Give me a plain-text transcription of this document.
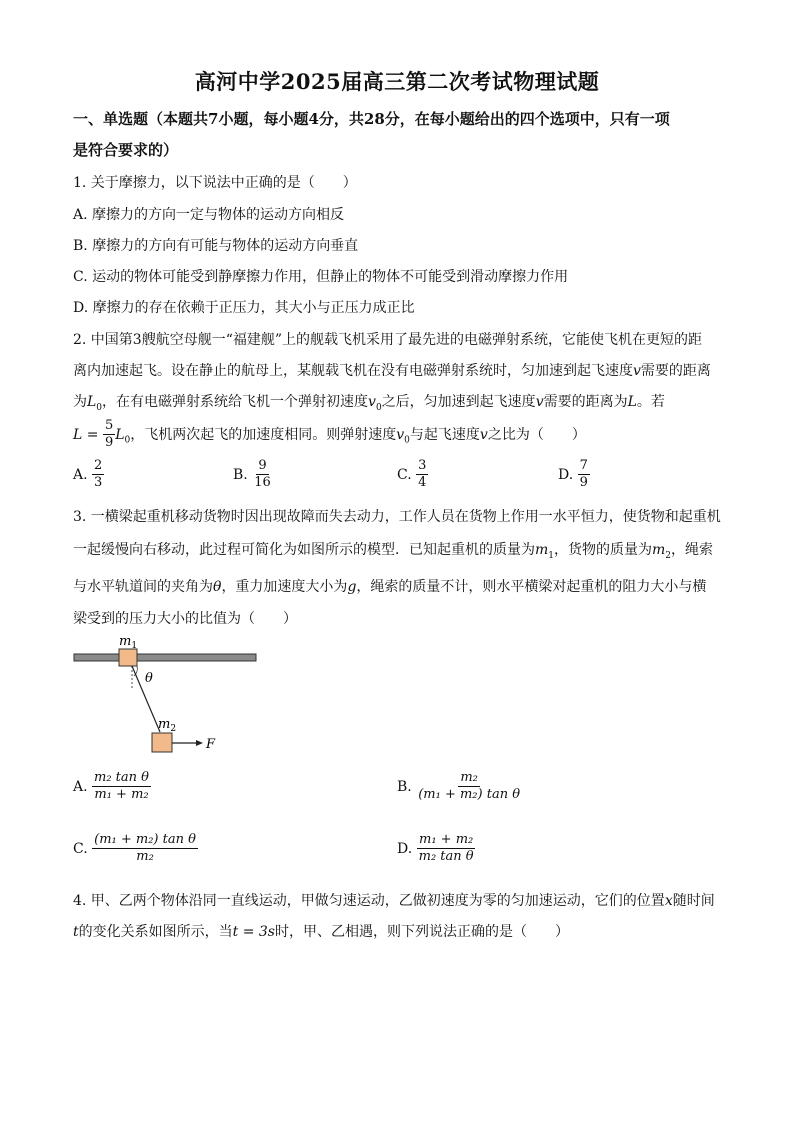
高河中学2025届高三第二次考试物理试题
一、单选题（本题共7小题，每小题4分，共28分，在每小题给出的四个选项中，只有一项
是符合要求的）
1. 关于摩擦力，以下说法中正确的是（　　）
A. 摩擦力的方向一定与物体的运动方向相反
B. 摩擦力的方向有可能与物体的运动方向垂直
C. 运动的物体可能受到静摩擦力作用，但静止的物体不可能受到滑动摩擦力作用
D. 摩擦力的存在依赖于正压力，其大小与正压力成正比
2. 中国第3艘航空母舰一“福建舰”上的舰载飞机采用了最先进的电磁弹射系统，它能使飞机在更短的距
离内加速起飞。设在静止的航母上，某舰载飞机在没有电磁弹射系统时，匀加速到起飞速度v需要的距离
为$L_0$，在有电磁弹射系统给飞机一个弹射初速度$v_0$之后，匀加速到起飞速度v需要的距离为L。若
$L = \frac{5}{9} L_0$，飞机两次起飞的加速度相同。则弹射速度$v_0$与起飞速度v之比为（　　）
A. $\frac{2}{3}$	B. $\frac{9}{16}$	C. $\frac{3}{4}$	D. $\frac{7}{9}$
3. 一横梁起重机移动货物时因出现故障而失去动力，工作人员在货物上作用一水平恒力，使货物和起重机
一起缓慢向右移动，此过程可简化为如图所示的模型．已知起重机的质量为$m_1$，货物的质量为$m_2$，绳索
与水平轨道间的夹角为θ，重力加速度大小为g，绳索的质量不计，则水平横梁对起重机的阻力大小与横
梁受到的压力大小的比值为（　　）
θ
$m_1$
$m_2$
F
A. $\frac{\text{m₂ tan θ}}{\text{m₁ + m₂}}$	B. $\frac{\text{m₂}}{\text{(m₁ + m₂) tan θ}}$
C. $\frac{\text{(m₁ + m₂) tan θ}}{\text{m₂}}$	D. $\frac{\text{m₁ + m₂}}{\text{m₂ tan θ}}$
4. 甲、乙两个物体沿同一直线运动，甲做匀速运动，乙做初速度为零的匀加速运动，它们的位置x随时间
t的变化关系如图所示，当t = 3s时，甲、乙相遇，则下列说法正确的是（　　）
